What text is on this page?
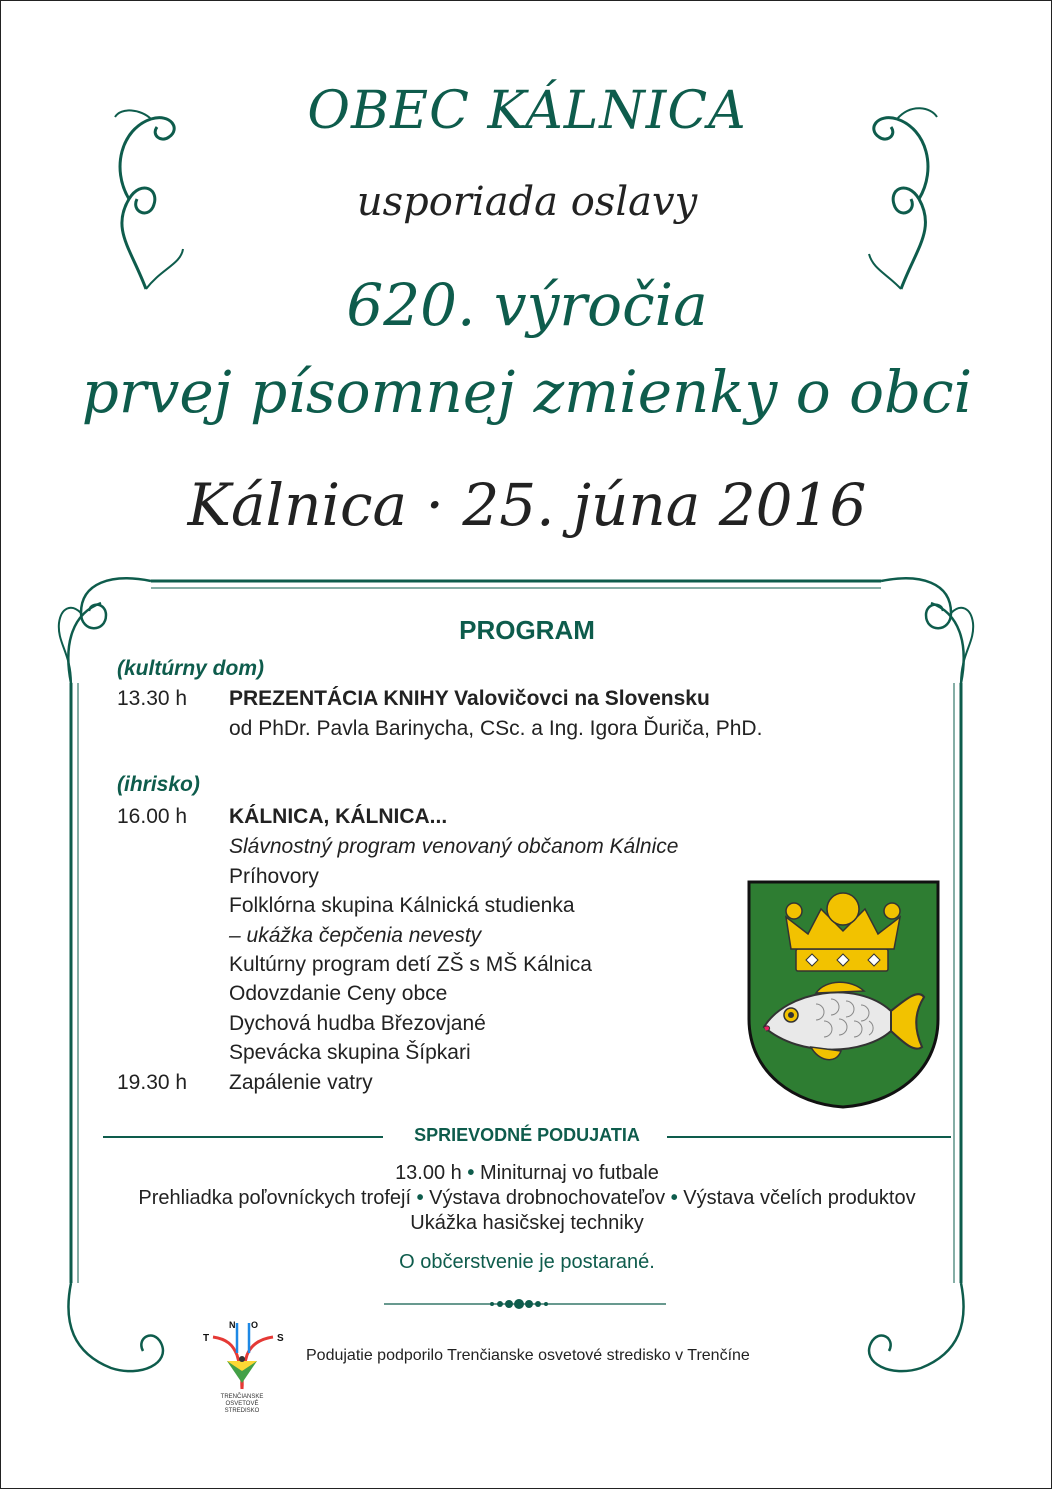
OBEC KÁLNICA
usporiada oslavy
620. výročia
prvej písomnej zmienky o obci
Kálnica · 25. júna 2016
PROGRAM
(kultúrny dom)
13.30 h PREZENTÁCIA KNIHY Valovičovci na Slovensku
od PhDr. Pavla Barinycha, CSc. a Ing. Igora Ďuriča, PhD.
(ihrisko)
16.00 h KÁLNICA, KÁLNICA...
Slávnostný program venovaný občanom Kálnice
Príhovory
Folklórna skupina Kálnická studienka
– ukážka čepčenia nevesty
Kultúrny program detí ZŠ s MŠ Kálnica
Odovzdanie Ceny obce
Dychová hudba Březovjané
Spevácka skupina Šípkari
19.30 h Zapálenie vatry
SPRIEVODNÉ PODUJATIA
13.00 h • Miniturnaj vo futbale
Prehliadka poľovníckych trofejí • Výstava drobnochovateľov • Výstava včelích produktov
Ukážka hasičskej techniky
O občerstvenie je postarané.
T
N O
S
TRENČIANSKE
OSVETOVÉ
STREDISKO
Podujatie podporilo Trenčianske osvetové stredisko v Trenčíne
